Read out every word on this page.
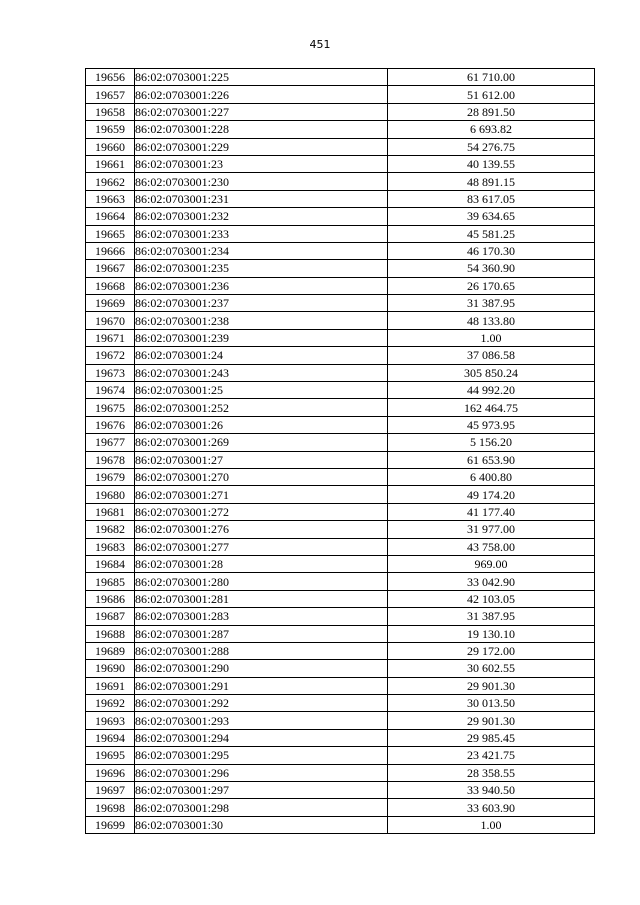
451
19656	86:02:0703001:225	61 710.00
19657	86:02:0703001:226	51 612.00
19658	86:02:0703001:227	28 891.50
19659	86:02:0703001:228	6 693.82
19660	86:02:0703001:229	54 276.75
19661	86:02:0703001:23	40 139.55
19662	86:02:0703001:230	48 891.15
19663	86:02:0703001:231	83 617.05
19664	86:02:0703001:232	39 634.65
19665	86:02:0703001:233	45 581.25
19666	86:02:0703001:234	46 170.30
19667	86:02:0703001:235	54 360.90
19668	86:02:0703001:236	26 170.65
19669	86:02:0703001:237	31 387.95
19670	86:02:0703001:238	48 133.80
19671	86:02:0703001:239	1.00
19672	86:02:0703001:24	37 086.58
19673	86:02:0703001:243	305 850.24
19674	86:02:0703001:25	44 992.20
19675	86:02:0703001:252	162 464.75
19676	86:02:0703001:26	45 973.95
19677	86:02:0703001:269	5 156.20
19678	86:02:0703001:27	61 653.90
19679	86:02:0703001:270	6 400.80
19680	86:02:0703001:271	49 174.20
19681	86:02:0703001:272	41 177.40
19682	86:02:0703001:276	31 977.00
19683	86:02:0703001:277	43 758.00
19684	86:02:0703001:28	969.00
19685	86:02:0703001:280	33 042.90
19686	86:02:0703001:281	42 103.05
19687	86:02:0703001:283	31 387.95
19688	86:02:0703001:287	19 130.10
19689	86:02:0703001:288	29 172.00
19690	86:02:0703001:290	30 602.55
19691	86:02:0703001:291	29 901.30
19692	86:02:0703001:292	30 013.50
19693	86:02:0703001:293	29 901.30
19694	86:02:0703001:294	29 985.45
19695	86:02:0703001:295	23 421.75
19696	86:02:0703001:296	28 358.55
19697	86:02:0703001:297	33 940.50
19698	86:02:0703001:298	33 603.90
19699	86:02:0703001:30	1.00
